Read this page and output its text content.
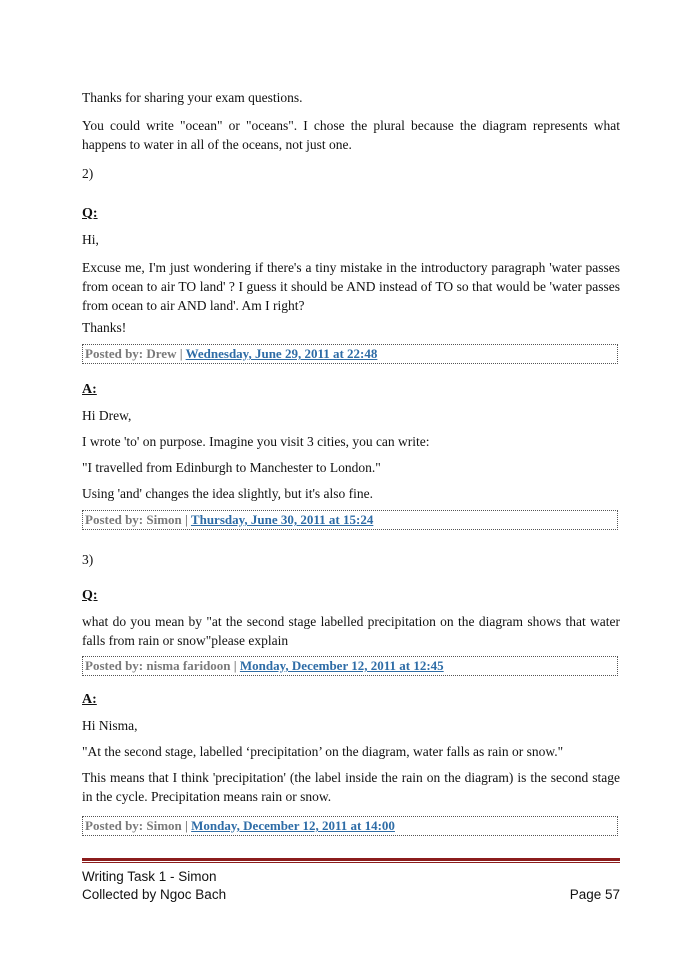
Thanks for sharing your exam questions.
You could write "ocean" or "oceans". I chose the plural because the diagram represents what happens to water in all of the oceans, not just one.
2)
Q:
Hi,
Excuse me, I'm just wondering if there's a tiny mistake in the introductory paragraph 'water passes from ocean to air TO land' ? I guess it should be AND instead of TO so that would be 'water passes from ocean to air AND land'. Am I right?
Thanks!
Posted by: Drew | Wednesday, June 29, 2011 at 22:48
A:
Hi Drew,
I wrote 'to' on purpose. Imagine you visit 3 cities, you can write:
"I travelled from Edinburgh to Manchester to London."
Using 'and' changes the idea slightly, but it's also fine.
Posted by: Simon | Thursday, June 30, 2011 at 15:24
3)
Q:
what do you mean by "at the second stage labelled precipitation on the diagram shows that water falls from rain or snow"please explain
Posted by: nisma faridoon | Monday, December 12, 2011 at 12:45
A:
Hi Nisma,
"At the second stage, labelled ‘precipitation’ on the diagram, water falls as rain or snow."
This means that I think 'precipitation' (the label inside the rain on the diagram) is the second stage in the cycle. Precipitation means rain or snow.
Posted by: Simon | Monday, December 12, 2011 at 14:00
Writing Task 1 - Simon
Collected by Ngoc Bach	Page 57
